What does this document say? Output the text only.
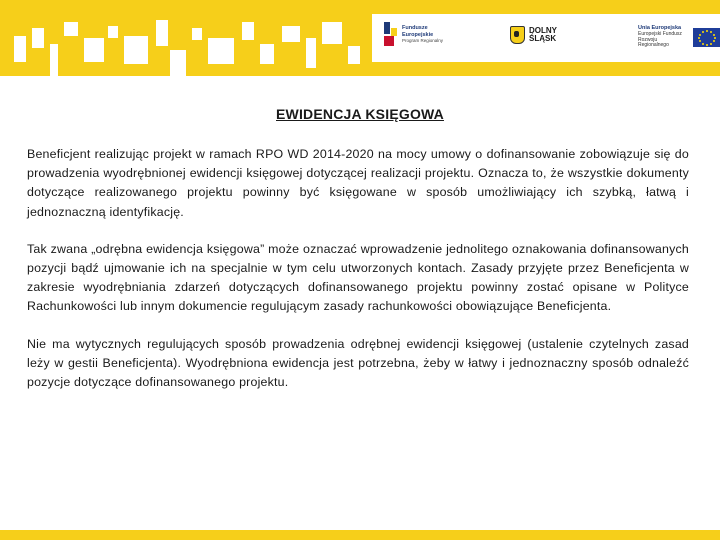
Fundusze
Europejskie
Program Regionalny
DOLNY
ŚLĄSK
Unia Europejska
Europejski Fundusz
Rozwoju Regionalnego
EWIDENCJA KSIĘGOWA

Beneficjent realizując projekt w ramach RPO WD 2014-2020 na mocy umowy o dofinansowanie zobowiązuje się do prowadzenia wyodrębnionej ewidencji księgowej dotyczącej realizacji projektu. Oznacza to, że wszystkie dokumenty dotyczące realizowanego projektu powinny być księgowane w sposób umożliwiający ich szybką, łatwą i jednoznaczną identyfikację.

Tak zwana „odrębna ewidencja księgowa” może oznaczać wprowadzenie jednolitego oznakowania dofinansowanych pozycji bądź ujmowanie ich na specjalnie w tym celu utworzonych kontach. Zasady przyjęte przez Beneficjenta w zakresie wyodrębniania zdarzeń dotyczących dofinansowanego projektu powinny zostać opisane w Polityce Rachunkowości lub innym dokumencie regulującym zasady rachunkowości obowiązujące Beneficjenta.

Nie ma wytycznych regulujących sposób prowadzenia odrębnej ewidencji księgowej (ustalenie czytelnych zasad leży w gestii Beneficjenta). Wyodrębniona ewidencja jest potrzebna, żeby w łatwy i jednoznaczny sposób odnaleźć pozycje dotyczące dofinansowanego projektu.
